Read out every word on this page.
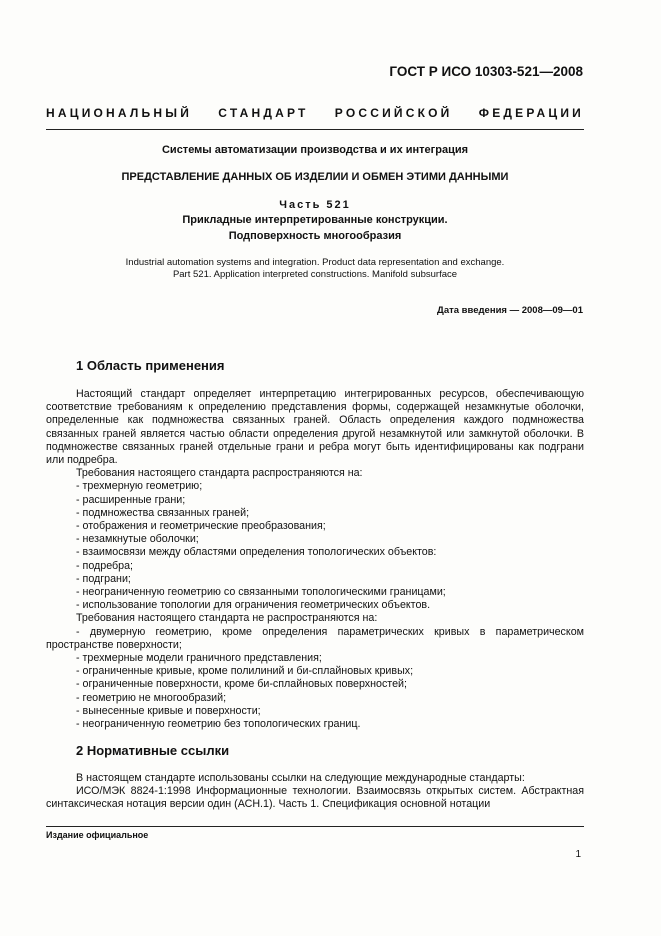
ГОСТ Р ИСО 10303-521—2008
НАЦИОНАЛЬНЫЙ СТАНДАРТ РОССИЙСКОЙ ФЕДЕРАЦИИ
Системы автоматизации производства и их интеграция
ПРЕДСТАВЛЕНИЕ ДАННЫХ ОБ ИЗДЕЛИИ И ОБМЕН ЭТИМИ ДАННЫМИ
Часть 521
Прикладные интерпретированные конструкции.
Подповерхность многообразия
Industrial automation systems and integration. Product data representation and exchange.
Part 521. Application interpreted constructions. Manifold subsurface
Дата введения — 2008—09—01
1 Область применения

Настоящий стандарт определяет интерпретацию интегрированных ресурсов, обеспечивающую соответствие требованиям к определению представления формы, содержащей незамкнутые оболочки, определенные как подмножества связанных граней. Область определения каждого подмножества связанных граней является частью области определения другой незамкнутой или замкнутой оболочки. В подмножестве связанных граней отдельные грани и ребра могут быть идентифицированы как подграни или подребра.

Требования настоящего стандарта распространяются на:

- трехмерную геометрию;
- расширенные грани;
- подмножества связанных граней;
- отображения и геометрические преобразования;
- незамкнутые оболочки;
- взаимосвязи между областями определения топологических объектов:
- подребра;
- подграни;
- неограниченную геометрию со связанными топологическими границами;
- использование топологии для ограничения геометрических объектов.

Требования настоящего стандарта не распространяются на:

- двумерную геометрию, кроме определения параметрических кривых в параметрическом пространстве поверхности;
- трехмерные модели граничного представления;
- ограниченные кривые, кроме полилиний и би-сплайновых кривых;
- ограниченные поверхности, кроме би-сплайновых поверхностей;
- геометрию не многообразий;
- вынесенные кривые и поверхности;
- неограниченную геометрию без топологических границ.
2 Нормативные ссылки

В настоящем стандарте использованы ссылки на следующие международные стандарты:

ИСО/МЭК 8824-1:1998 Информационные технологии. Взаимосвязь открытых систем. Абстрактная синтаксическая нотация версии один (АСН.1). Часть 1. Спецификация основной нотации

Издание официальное
1
